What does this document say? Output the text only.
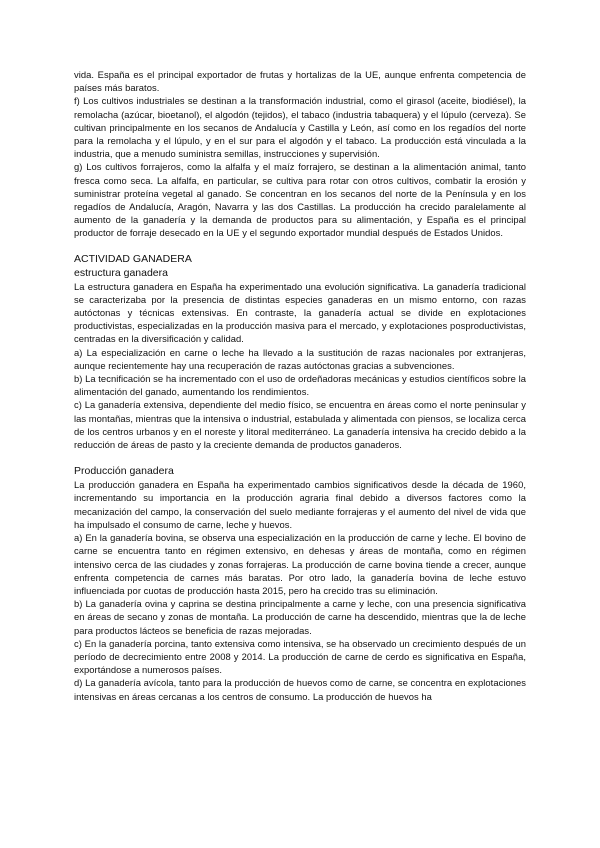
vida. España es el principal exportador de frutas y hortalizas de la UE, aunque enfrenta competencia de países más baratos.

f) Los cultivos industriales se destinan a la transformación industrial, como el girasol (aceite, biodiésel), la remolacha (azúcar, bioetanol), el algodón (tejidos), el tabaco (industria tabaquera) y el lúpulo (cerveza). Se cultivan principalmente en los secanos de Andalucía y Castilla y León, así como en los regadíos del norte para la remolacha y el lúpulo, y en el sur para el algodón y el tabaco. La producción está vinculada a la industria, que a menudo suministra semillas, instrucciones y supervisión.

g) Los cultivos forrajeros, como la alfalfa y el maíz forrajero, se destinan a la alimentación animal, tanto fresca como seca. La alfalfa, en particular, se cultiva para rotar con otros cultivos, combatir la erosión y suministrar proteína vegetal al ganado. Se concentran en los secanos del norte de la Península y en los regadíos de Andalucía, Aragón, Navarra y las dos Castillas. La producción ha crecido paralelamente al aumento de la ganadería y la demanda de productos para su alimentación, y España es el principal productor de forraje desecado en la UE y el segundo exportador mundial después de Estados Unidos.

ACTIVIDAD GANADERA
estructura ganadera

La estructura ganadera en España ha experimentado una evolución significativa. La ganadería tradicional se caracterizaba por la presencia de distintas especies ganaderas en un mismo entorno, con razas autóctonas y técnicas extensivas. En contraste, la ganadería actual se divide en explotaciones productivistas, especializadas en la producción masiva para el mercado, y explotaciones posproductivistas, centradas en la diversificación y calidad.

a) La especialización en carne o leche ha llevado a la sustitución de razas nacionales por extranjeras, aunque recientemente hay una recuperación de razas autóctonas gracias a subvenciones.

b) La tecnificación se ha incrementado con el uso de ordeñadoras mecánicas y estudios científicos sobre la alimentación del ganado, aumentando los rendimientos.

c) La ganadería extensiva, dependiente del medio físico, se encuentra en áreas como el norte peninsular y las montañas, mientras que la intensiva o industrial, estabulada y alimentada con piensos, se localiza cerca de los centros urbanos y en el noreste y litoral mediterráneo. La ganadería intensiva ha crecido debido a la reducción de áreas de pasto y la creciente demanda de productos ganaderos.

Producción ganadera

La producción ganadera en España ha experimentado cambios significativos desde la década de 1960, incrementando su importancia en la producción agraria final debido a diversos factores como la mecanización del campo, la conservación del suelo mediante forrajeras y el aumento del nivel de vida que ha impulsado el consumo de carne, leche y huevos.

a) En la ganadería bovina, se observa una especialización en la producción de carne y leche. El bovino de carne se encuentra tanto en régimen extensivo, en dehesas y áreas de montaña, como en régimen intensivo cerca de las ciudades y zonas forrajeras. La producción de carne bovina tiende a crecer, aunque enfrenta competencia de carnes más baratas. Por otro lado, la ganadería bovina de leche estuvo influenciada por cuotas de producción hasta 2015, pero ha crecido tras su eliminación.

b) La ganadería ovina y caprina se destina principalmente a carne y leche, con una presencia significativa en áreas de secano y zonas de montaña. La producción de carne ha descendido, mientras que la de leche para productos lácteos se beneficia de razas mejoradas.

c) En la ganadería porcina, tanto extensiva como intensiva, se ha observado un crecimiento después de un período de decrecimiento entre 2008 y 2014. La producción de carne de cerdo es significativa en España, exportándose a numerosos países.

d) La ganadería avícola, tanto para la producción de huevos como de carne, se concentra en explotaciones intensivas en áreas cercanas a los centros de consumo. La producción de huevos ha
